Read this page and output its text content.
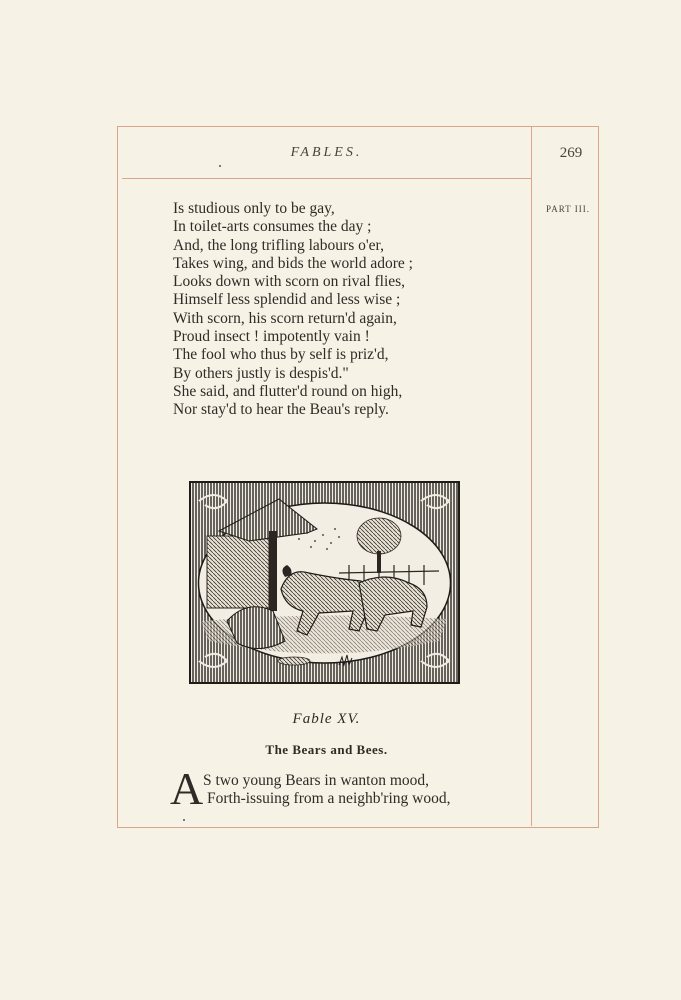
FABLES.	269
PART III.
Is studious only to be gay,
In toilet-arts consumes the day ;
And, the long trifling labours o'er,
Takes wing, and bids the world adore ;
Looks down with scorn on rival flies,
Himself less splendid and less wise ;
With scorn, his scorn return'd again,
Proud insect ! impotently vain !
The fool who thus by self is priz'd,
By others justly is despis'd."
She said, and flutter'd round on high,
Nor stay'd to hear the Beau's reply.
Fable XV.
The Bears and Bees.
A S two young Bears in wanton mood,
Forth-issuing from a neighb'ring wood,
